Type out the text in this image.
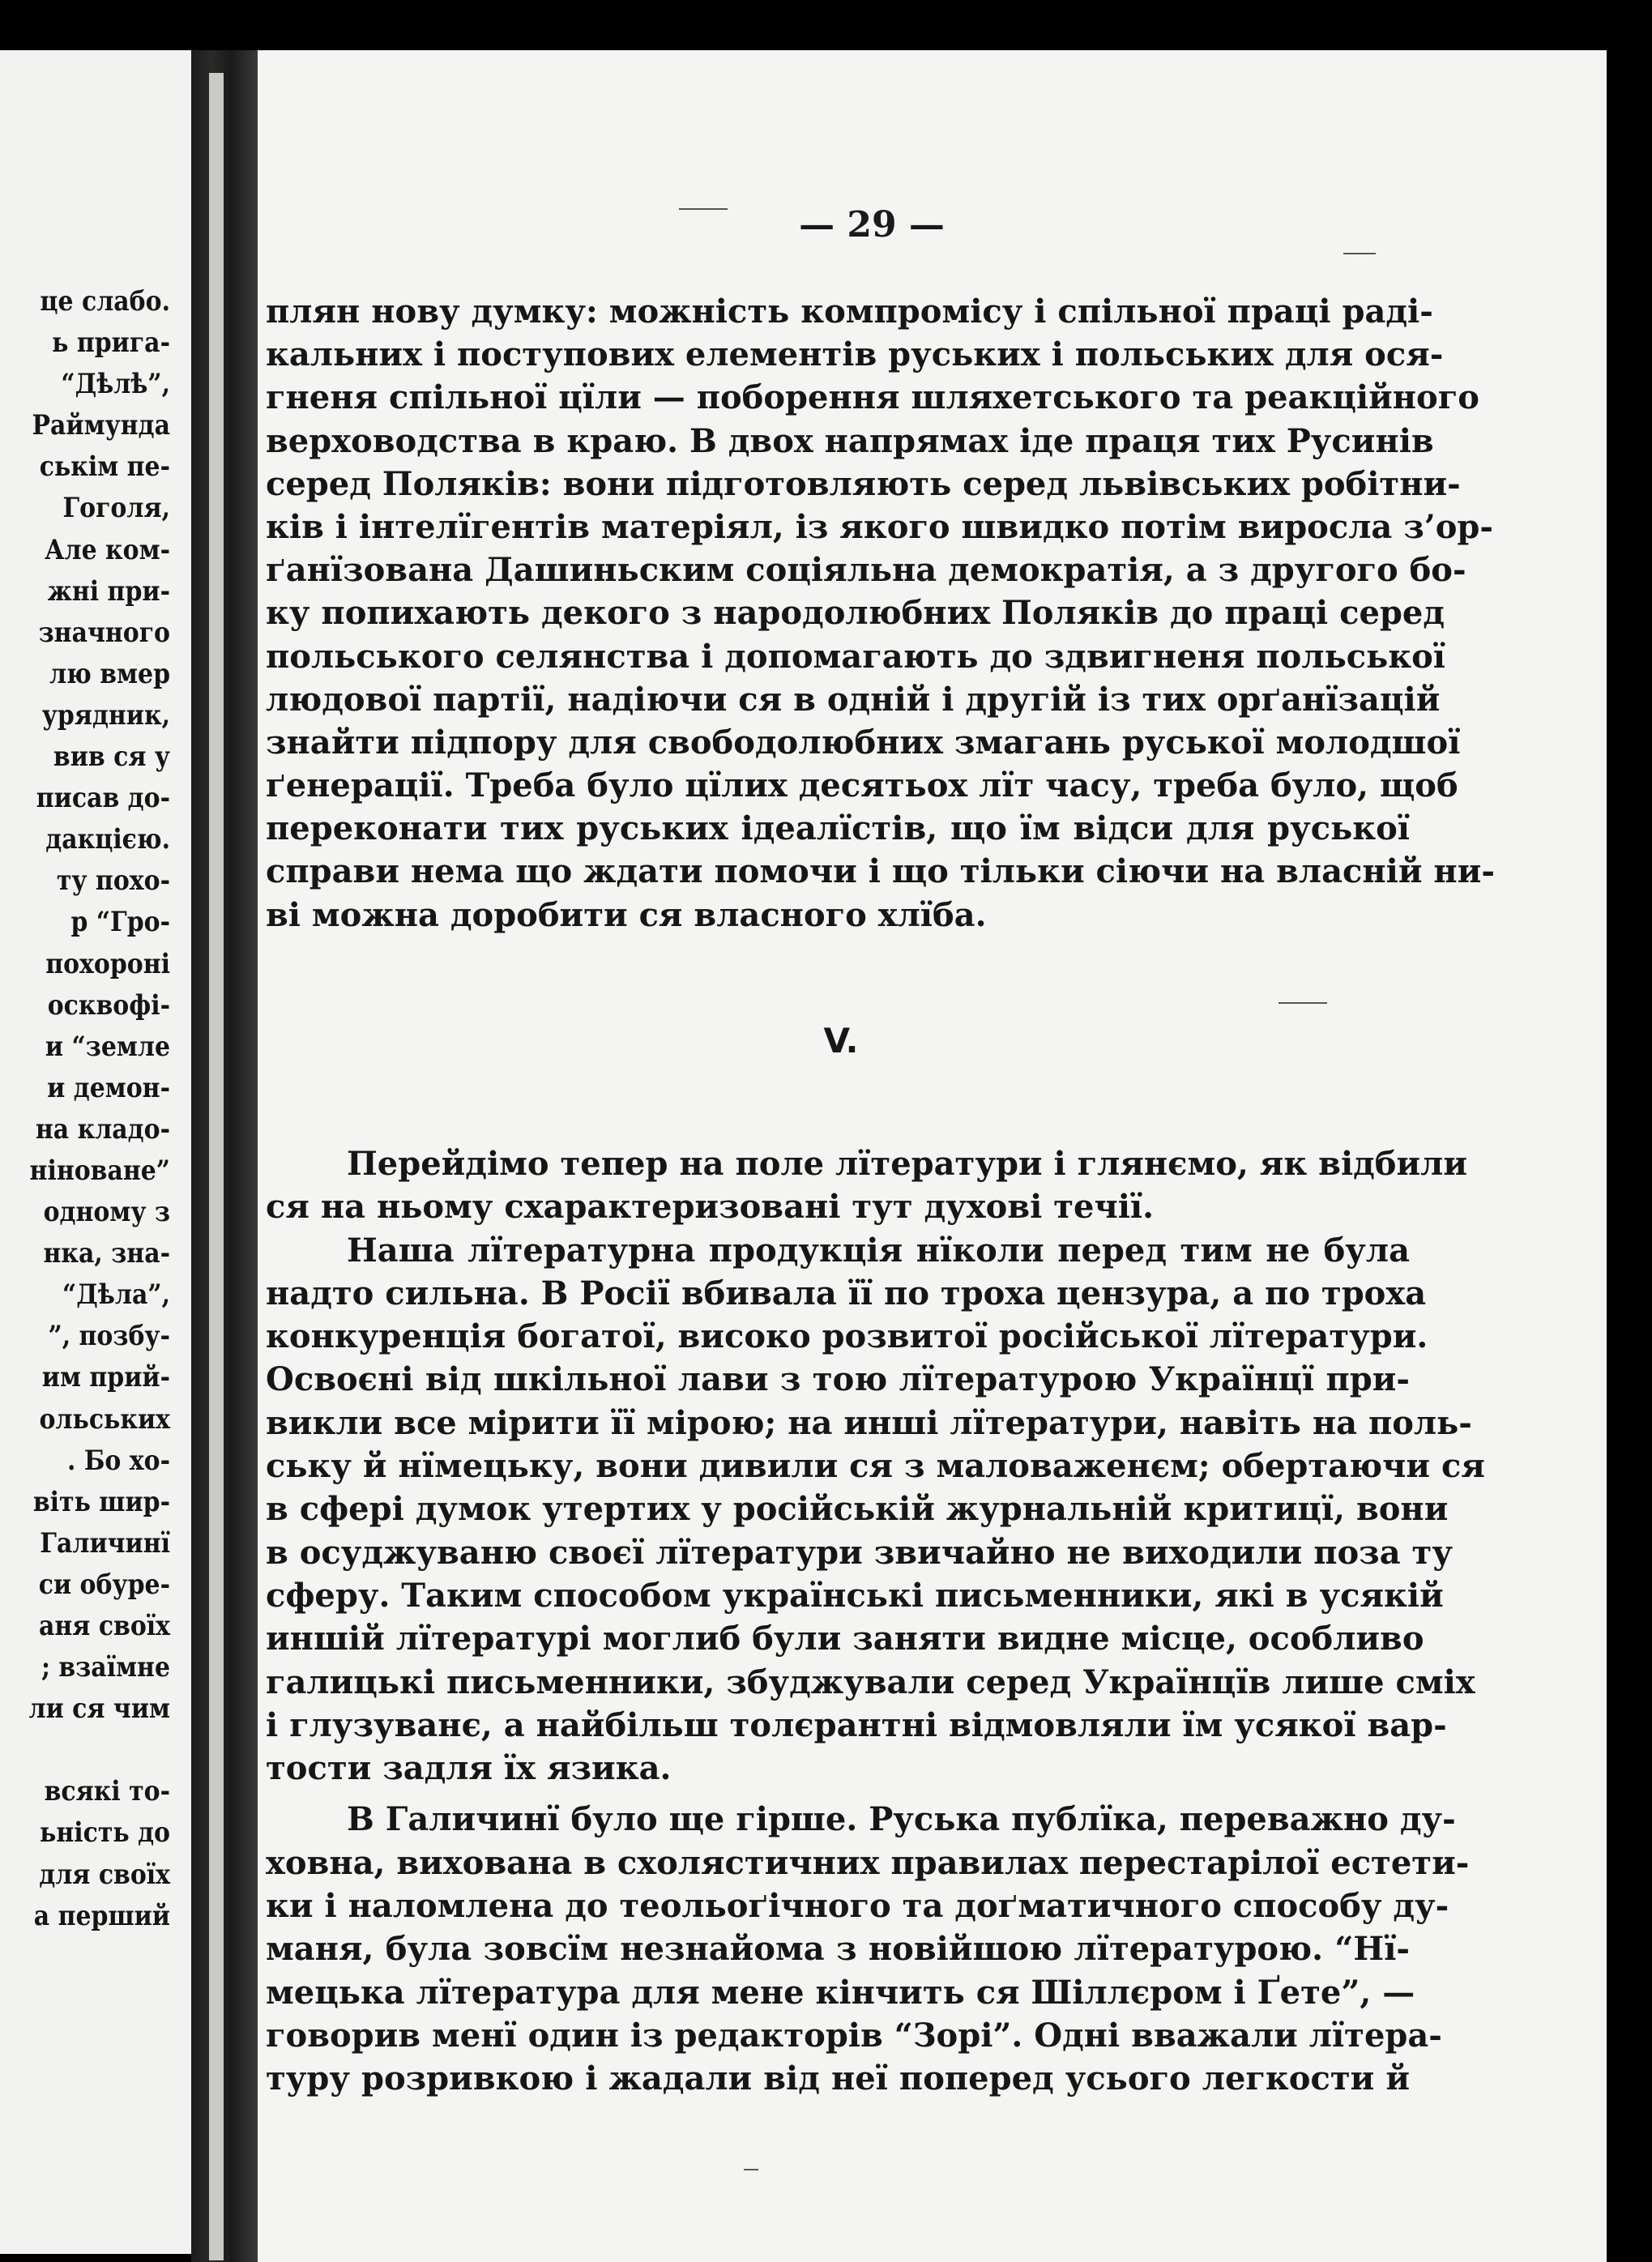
це слабо.
ь прига-
“Дѣлѣ”,
Раймунда
ськім пе-
Гоголя,
Але ком-
жні при-
значного
лю вмер
урядник,
вив ся у
писав до-
дакцією.
ту похо-
р “Гро-
похороні
осквофі-
и “земле
и демон-
на кладо-
ніноване”
одному з
нка, зна-
“Дѣла”,
”, позбу-
им прий-
ольських
. Бо хо-
віть шир-
Галичинї
си обуре-
аня своїх
; взаїмне
ли ся чим
всякі то-
ьність до
для своїх
а перший
— 29 —
плян нову думку: можність компромісу і спільної праці раді-
кальних і поступових елементів руських і польських для ося-
гненя спільної цїли — поборення шляхетського та реакційного
верховодства в краю. В двох напрямах іде праця тих Русинів
серед Поляків: вони підготовляють серед львівських робітни-
ків і інтелїгентів матеріял, із якого швидко потім виросла з’ор-
ґанїзована Дашиньским соціяльна демократія, а з другого бо-
ку попихають декого з народолюбних Поляків до праці серед
польського селянства і допомагають до здвигненя польської
людової партії, надіючи ся в одній і другій із тих орґанїзацій
знайти підпору для свободолюбних змагань руської молодшої
ґенерації. Треба було цїлих десятьох лїт часу, треба було, щоб
переконати тих руських ідеалїстів, що їм відси для руської
справи нема що ждати помочи і що тільки сіючи на власній ни-
ві можна доробити ся власного хлїба.
V.
Перейдімо тепер на поле лїтератури і глянємо, як відбили
ся на ньому схарактеризовані тут духові течії.
Наша лїтературна продукція нїколи перед тим не була
надто сильна. В Росії вбивала її по троха цензура, а по троха
конкуренція богатої, високо розвитої російської лїтератури.
Освоєні від шкільної лави з тою лїтературою Українцї при-
викли все мірити її мірою; на инші лїтератури, навіть на поль-
ську й нїмецьку, вони дивили ся з маловаженєм; обертаючи ся
в сфері думок утертих у російській журнальній критицї, вони
в осуджуваню своєї лїтератури звичайно не виходили поза ту
сферу. Таким способом українські письменники, які в усякій
иншій лїтературі моглиб були заняти видне місце, особливо
галицькі письменники, збуджували серед Українцїв лише сміх
і глузуванє, а найбільш толєрантні відмовляли їм усякої вар-
тости задля їх язика.
В Галичинї було ще гірше. Руська публїка, переважно ду-
ховна, вихована в схолястичних правилах перестарілої естети-
ки і наломлена до теольоґічного та доґматичного способу ду-
маня, була зовсїм незнайома з новійшою лїтературою. “Нї-
мецька лїтература для мене кінчить ся Шіллєром і Ґете”, —
говорив менї один із редакторів “Зорі”. Одні вважали лїтера-
туру розривкою і жадали від неї поперед усього легкости й
